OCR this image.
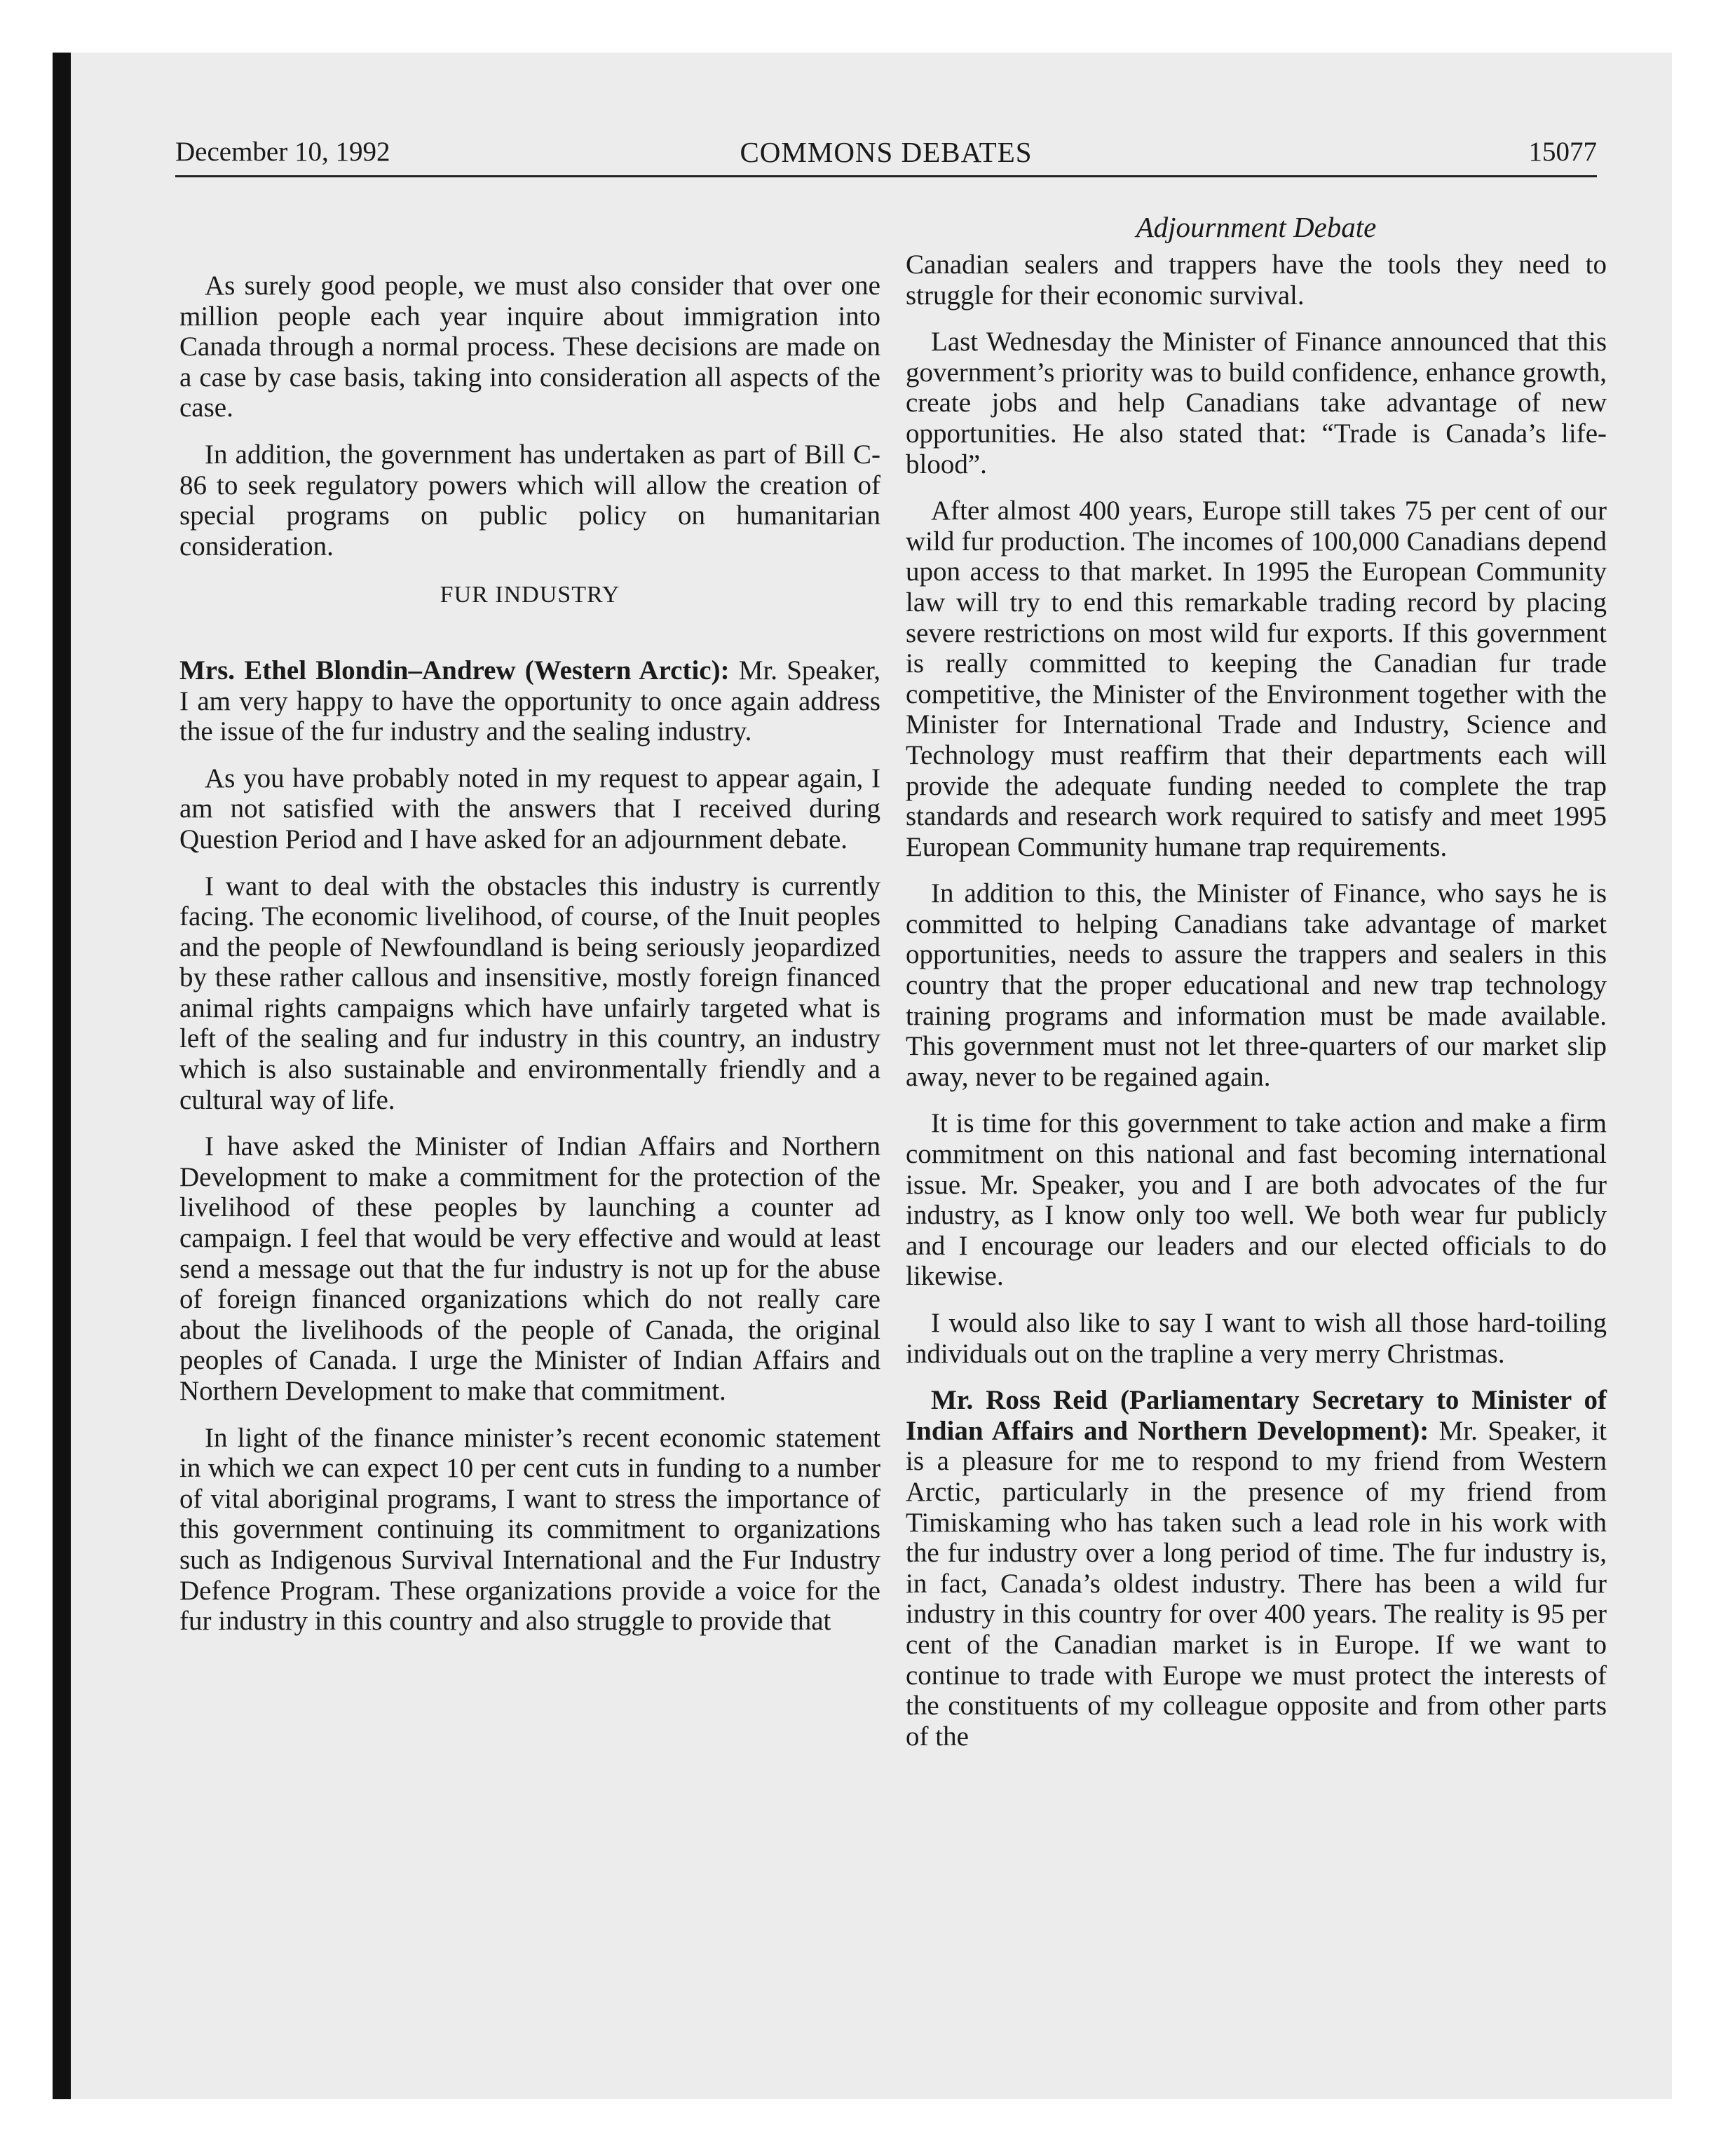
December 10, 1992	COMMONS DEBATES	15077

As surely good people, we must also consider that over one million people each year inquire about immigration into Canada through a normal process. These decisions are made on a case by case basis, taking into consideration all aspects of the case.

In addition, the government has undertaken as part of Bill C-86 to seek regulatory powers which will allow the creation of special programs on public policy on humanitarian consideration.

FUR INDUSTRY

Mrs. Ethel Blondin–Andrew (Western Arctic): Mr. Speaker, I am very happy to have the opportunity to once again address the issue of the fur industry and the sealing industry.

As you have probably noted in my request to appear again, I am not satisfied with the answers that I received during Question Period and I have asked for an adjournment debate.

I want to deal with the obstacles this industry is currently facing. The economic livelihood, of course, of the Inuit peoples and the people of Newfoundland is being seriously jeopardized by these rather callous and insensitive, mostly foreign financed animal rights campaigns which have unfairly targeted what is left of the sealing and fur industry in this country, an industry which is also sustainable and environmentally friendly and a cultural way of life.

I have asked the Minister of Indian Affairs and Northern Development to make a commitment for the protection of the livelihood of these peoples by launching a counter ad campaign. I feel that would be very effective and would at least send a message out that the fur industry is not up for the abuse of foreign financed organizations which do not really care about the livelihoods of the people of Canada, the original peoples of Canada. I urge the Minister of Indian Affairs and Northern Development to make that commitment.

In light of the finance minister’s recent economic statement in which we can expect 10 per cent cuts in funding to a number of vital aboriginal programs, I want to stress the importance of this government continuing its commitment to organizations such as Indigenous Survival International and the Fur Industry Defence Program. These organizations provide a voice for the fur industry in this country and also struggle to provide that

Adjournment Debate

Canadian sealers and trappers have the tools they need to struggle for their economic survival.

Last Wednesday the Minister of Finance announced that this government’s priority was to build confidence, enhance growth, create jobs and help Canadians take advantage of new opportunities. He also stated that: “Trade is Canada’s life-blood”.

After almost 400 years, Europe still takes 75 per cent of our wild fur production. The incomes of 100,000 Canadians depend upon access to that market. In 1995 the European Community law will try to end this remarkable trading record by placing severe restrictions on most wild fur exports. If this government is really committed to keeping the Canadian fur trade competitive, the Minister of the Environment together with the Minister for International Trade and Industry, Science and Technology must reaffirm that their departments each will provide the adequate funding needed to complete the trap standards and research work required to satisfy and meet 1995 European Community humane trap requirements.

In addition to this, the Minister of Finance, who says he is committed to helping Canadians take advantage of market opportunities, needs to assure the trappers and sealers in this country that the proper educational and new trap technology training programs and information must be made available. This government must not let three-quarters of our market slip away, never to be regained again.

It is time for this government to take action and make a firm commitment on this national and fast becoming international issue. Mr. Speaker, you and I are both advocates of the fur industry, as I know only too well. We both wear fur publicly and I encourage our leaders and our elected officials to do likewise.

I would also like to say I want to wish all those hard-toiling individuals out on the trapline a very merry Christmas.

Mr. Ross Reid (Parliamentary Secretary to Minister of Indian Affairs and Northern Development): Mr. Speaker, it is a pleasure for me to respond to my friend from Western Arctic, particularly in the presence of my friend from Timiskaming who has taken such a lead role in his work with the fur industry over a long period of time. The fur industry is, in fact, Canada’s oldest industry. There has been a wild fur industry in this country for over 400 years. The reality is 95 per cent of the Canadian market is in Europe. If we want to continue to trade with Europe we must protect the interests of the constituents of my colleague opposite and from other parts of the
